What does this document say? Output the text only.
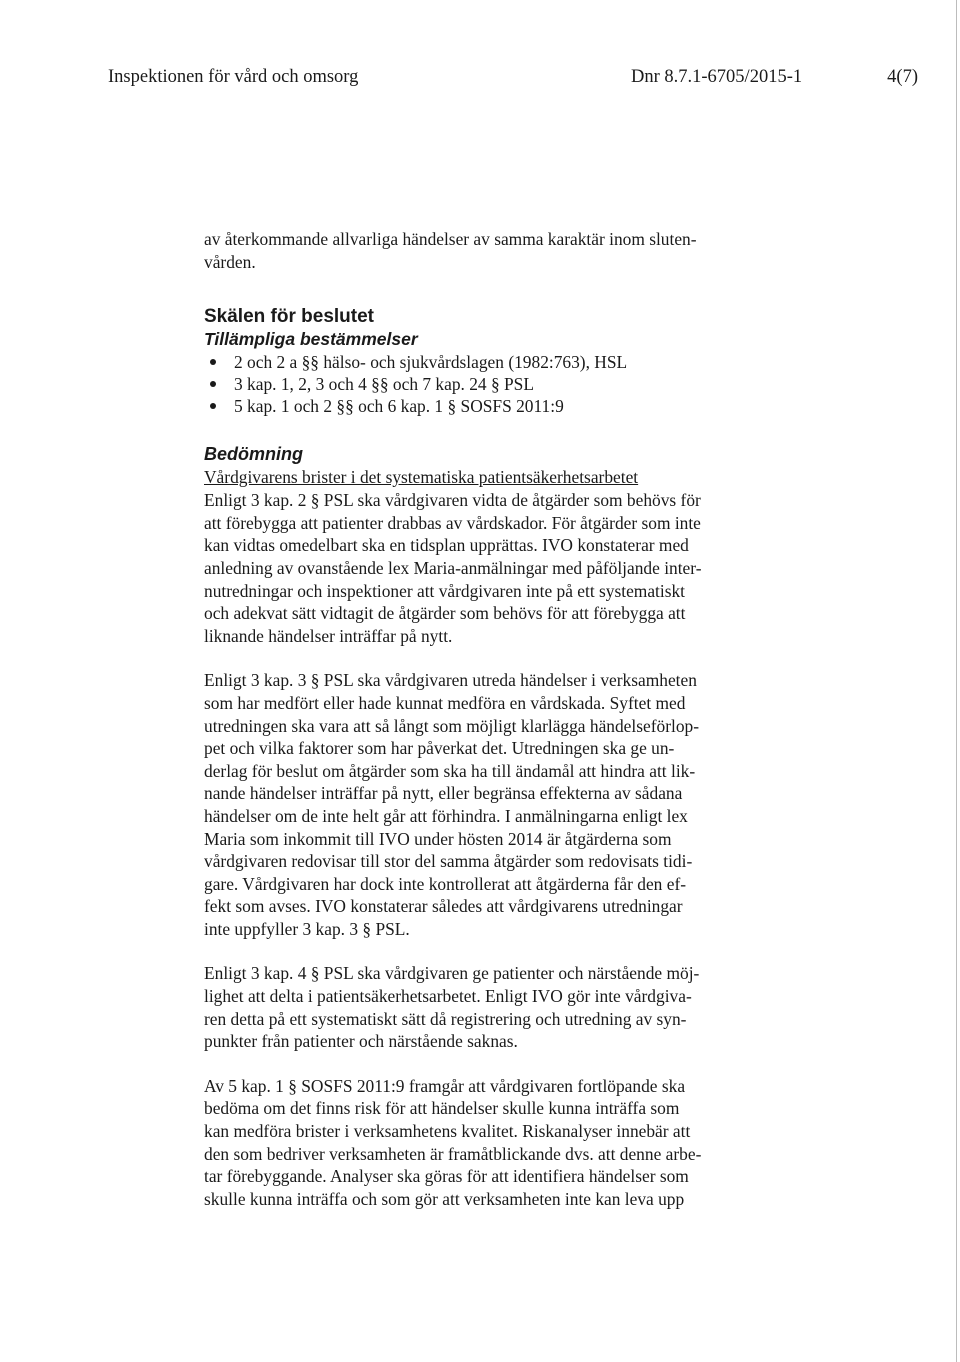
Inspektionen för vård och omsorg	Dnr 8.7.1-6705/2015-1	4(7)

av återkommande allvarliga händelser av samma karaktär inom sluten-
vården.

Skälen för beslutet
Tillämpliga bestämmelser
2 och 2 a §§ hälso- och sjukvårdslagen (1982:763), HSL
3 kap. 1, 2, 3 och 4 §§ och 7 kap. 24 § PSL
5 kap. 1 och 2 §§ och 6 kap. 1 § SOSFS 2011:9
Bedömning

Vårdgivarens brister i det systematiska patientsäkerhetsarbetet

Enligt 3 kap. 2 § PSL ska vårdgivaren vidta de åtgärder som behövs för
att förebygga att patienter drabbas av vårdskador. För åtgärder som inte
kan vidtas omedelbart ska en tidsplan upprättas. IVO konstaterar med
anledning av ovanstående lex Maria-anmälningar med påföljande inter-
nutredningar och inspektioner att vårdgivaren inte på ett systematiskt
och adekvat sätt vidtagit de åtgärder som behövs för att förebygga att
liknande händelser inträffar på nytt.

Enligt 3 kap. 3 § PSL ska vårdgivaren utreda händelser i verksamheten
som har medfört eller hade kunnat medföra en vårdskada. Syftet med
utredningen ska vara att så långt som möjligt klarlägga händelseförlop-
pet och vilka faktorer som har påverkat det. Utredningen ska ge un-
derlag för beslut om åtgärder som ska ha till ändamål att hindra att lik-
nande händelser inträffar på nytt, eller begränsa effekterna av sådana
händelser om de inte helt går att förhindra. I anmälningarna enligt lex
Maria som inkommit till IVO under hösten 2014 är åtgärderna som
vårdgivaren redovisar till stor del samma åtgärder som redovisats tidi-
gare. Vårdgivaren har dock inte kontrollerat att åtgärderna får den ef-
fekt som avses. IVO konstaterar således att vårdgivarens utredningar
inte uppfyller 3 kap. 3 § PSL.

Enligt 3 kap. 4 § PSL ska vårdgivaren ge patienter och närstående möj-
lighet att delta i patientsäkerhetsarbetet. Enligt IVO gör inte vårdgiva-
ren detta på ett systematiskt sätt då registrering och utredning av syn-
punkter från patienter och närstående saknas.

Av 5 kap. 1 § SOSFS 2011:9 framgår att vårdgivaren fortlöpande ska
bedöma om det finns risk för att händelser skulle kunna inträffa som
kan medföra brister i verksamhetens kvalitet. Riskanalyser innebär att
den som bedriver verksamheten är framåtblickande dvs. att denne arbe-
tar förebyggande. Analyser ska göras för att identifiera händelser som
skulle kunna inträffa och som gör att verksamheten inte kan leva upp
